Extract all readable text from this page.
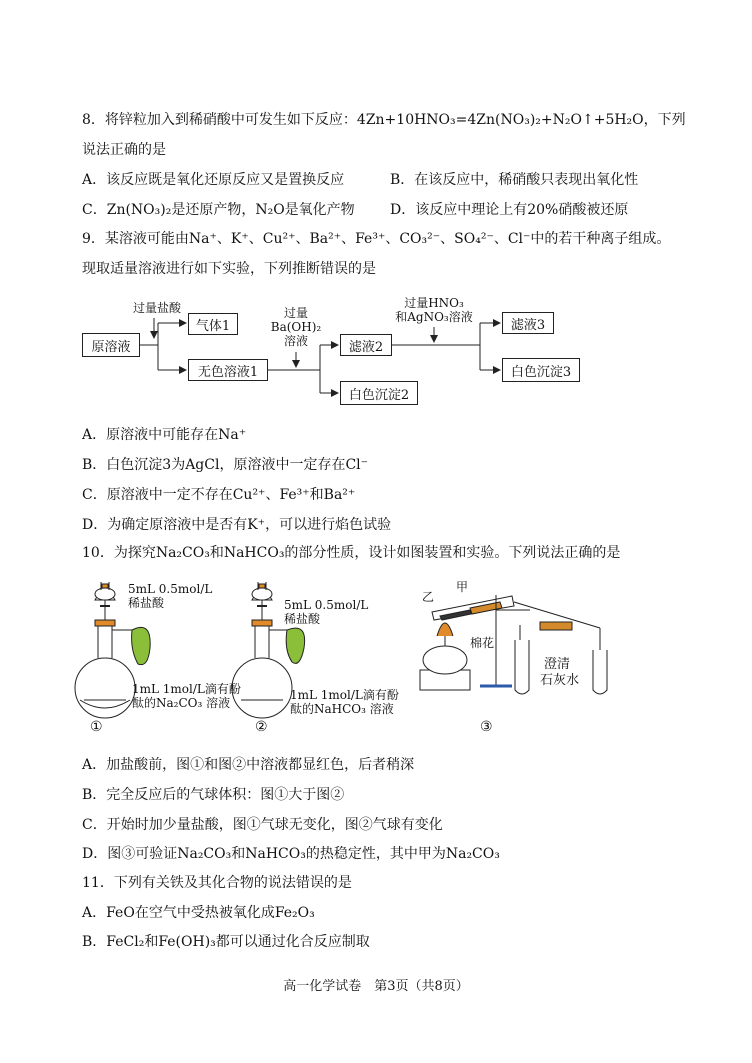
8．将锌粒加入到稀硝酸中可发生如下反应：4Zn+10HNO₃=4Zn(NO₃)₂+N₂O↑+5H₂O，下列
说法正确的是
A．该反应既是氧化还原反应又是置换反应	B．在该反应中，稀硝酸只表现出氧化性
C．Zn(NO₃)₂是还原产物，N₂O是氧化产物	D．该反应中理论上有20%硝酸被还原
9．某溶液可能由Na⁺、K⁺、Cu²⁺、Ba²⁺、Fe³⁺、CO₃²⁻、SO₄²⁻、Cl⁻中的若干种离子组成。
现取适量溶液进行如下实验，下列推断错误的是
过量盐酸
气体1
原溶液
无色溶液1
过量
Ba(OH)₂
溶液	滤液2
白色沉淀2
过量HNO₃
和AgNO₃溶液
滤液3
白色沉淀3
A．原溶液中可能存在Na⁺
B．白色沉淀3为AgCl，原溶液中一定存在Cl⁻
C．原溶液中一定不存在Cu²⁺、Fe³⁺和Ba²⁺
D．为确定原溶液中是否有K⁺，可以进行焰色试验
10．为探究Na₂CO₃和NaHCO₃的部分性质，设计如图装置和实验。下列说法正确的是
5mL 0.5mol/L
稀盐酸
1mL 1mol/L滴有酚
酞的Na₂CO₃ 溶液
①
5mL 0.5mol/L
稀盐酸
1mL 1mol/L滴有酚
酞的NaHCO₃ 溶液
②
乙
甲
棉花
澄清
石灰水
③
A．加盐酸前，图①和图②中溶液都显红色，后者稍深
B．完全反应后的气球体积：图①大于图②
C．开始时加少量盐酸，图①气球无变化，图②气球有变化
D．图③可验证Na₂CO₃和NaHCO₃的热稳定性，其中甲为Na₂CO₃
11．下列有关铁及其化合物的说法错误的是
A．FeO在空气中受热被氧化成Fe₂O₃
B．FeCl₂和Fe(OH)₃都可以通过化合反应制取
高一化学试卷　第3页（共8页）
